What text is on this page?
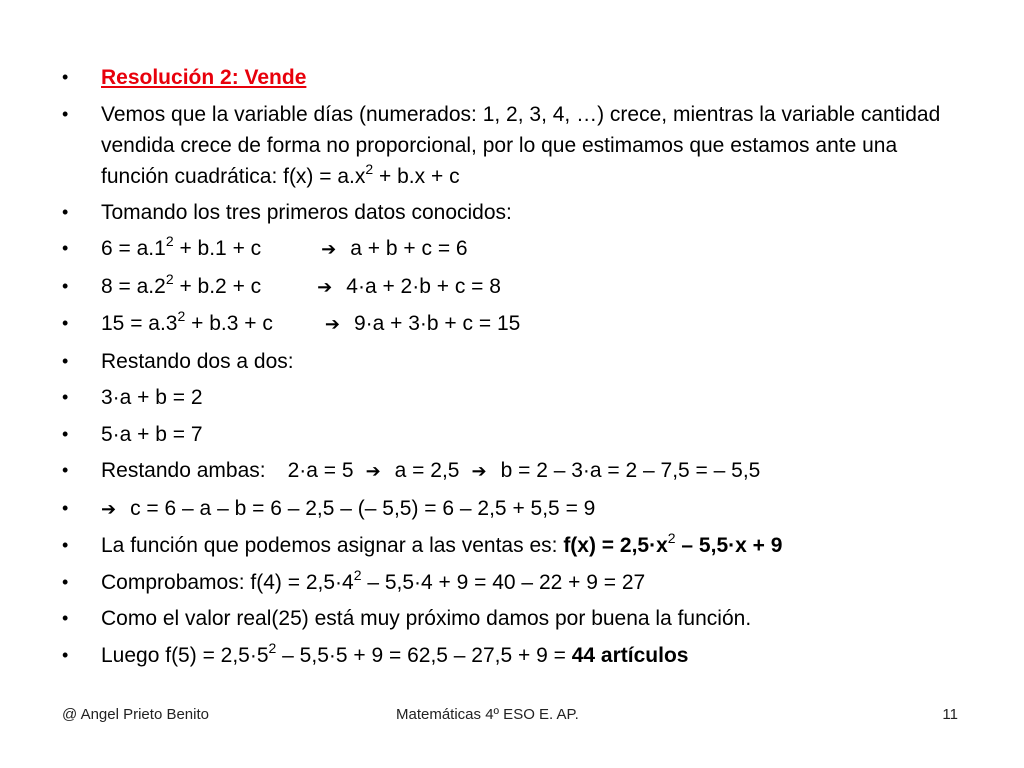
•	Resolución 2: Vende
•	Vemos que la variable días (numerados: 1, 2, 3, 4, …) crece, mientras la variable cantidad vendida crece de forma no proporcional, por lo que estimamos que estamos ante una función cuadrática: $f(x) = a.x^2 + b.x + c$
•	Tomando los tres primeros datos conocidos:
•	$6 = a.1^2 + b.1 + c$	➔ a + b + c = 6
•	$8 = a.2^2 + b.2 + c$	➔ 4·a + 2·b + c = 8
•	$15 = a.3^2 + b.3 + c$	➔ 9·a + 3·b + c = 15
•	Restando dos a dos:
•	3·a + b = 2
•	5·a + b = 7
•	Restando ambas: 2·a = 5 ➔ a = 2,5 ➔ b = 2 – 3·a = 2 – 7,5 = – 5,5
•	➔ c = 6 – a – b = 6 – 2,5 – (– 5,5) = 6 – 2,5 + 5,5 = 9
•	La función que podemos asignar a las ventas es: $f(x) = 2,5\cdot x^2 - 5,5\cdot x + 9$
•	Comprobamos: $f(4) = 2,5\cdot 4^2 - 5,5\cdot 4 + 9 = 40 - 22 + 9 = 27$
•	Como el valor real(25) está muy próximo damos por buena la función.
•	Luego $f(5) = 2,5\cdot 5^2 - 5,5\cdot 5 + 9 = 62,5 - 27,5 + 9 = 44$ artículos
@ Angel Prieto Benito	Matemáticas 4º ESO E. AP.	11
